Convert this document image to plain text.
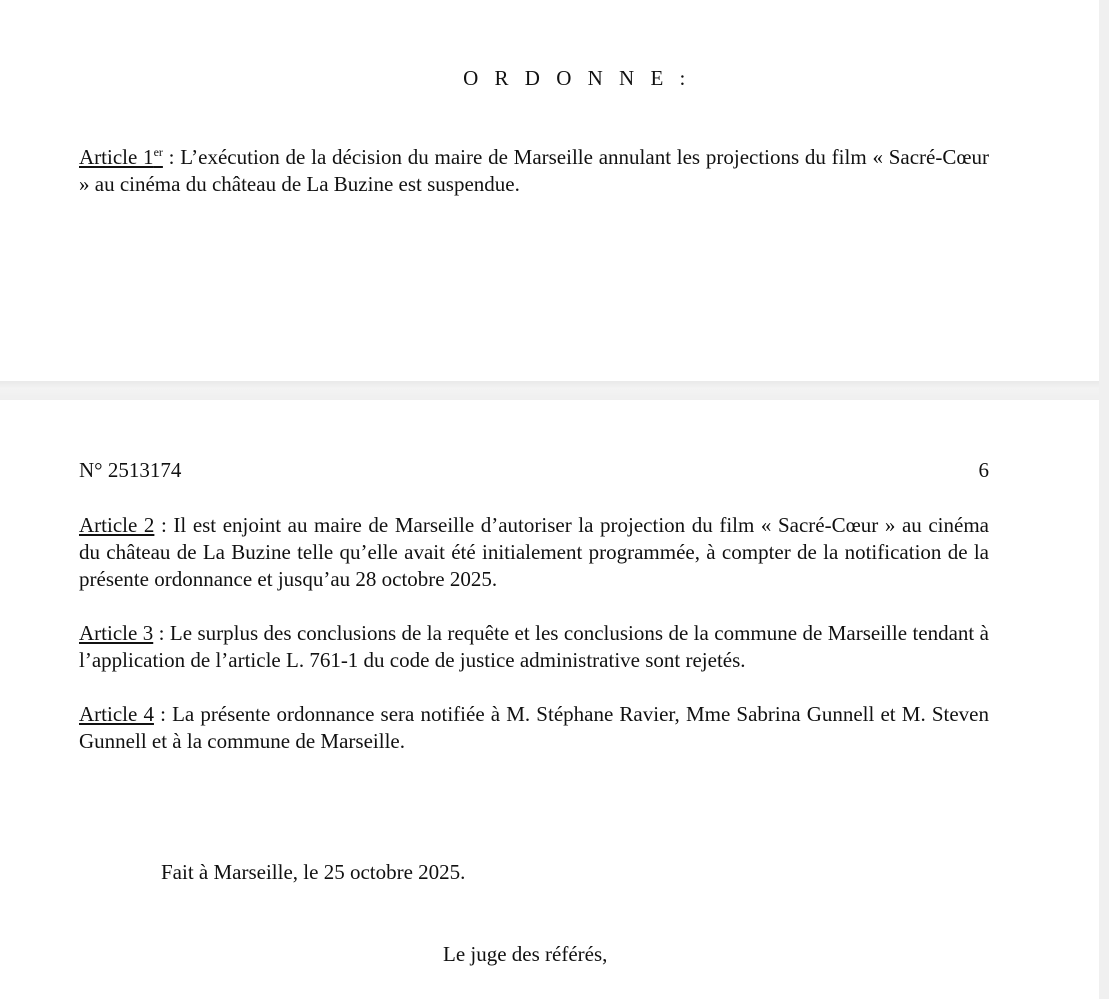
O R D O N N E :
Article 1er : L’exécution de la décision du maire de Marseille annulant les projections du film « Sacré-Cœur » au cinéma du château de La Buzine est suspendue.
N° 2513174	6
Article 2 : Il est enjoint au maire de Marseille d’autoriser la projection du film « Sacré-Cœur » au cinéma du château de La Buzine telle qu’elle avait été initialement programmée, à compter de la notification de la présente ordonnance et jusqu’au 28 octobre 2025.
Article 3 : Le surplus des conclusions de la requête et les conclusions de la commune de Marseille tendant à l’application de l’article L. 761-1 du code de justice administrative sont rejetés.
Article 4 : La présente ordonnance sera notifiée à M. Stéphane Ravier, Mme Sabrina Gunnell et M. Steven Gunnell et à la commune de Marseille.
Fait à Marseille, le 25 octobre 2025.
Le juge des référés,
